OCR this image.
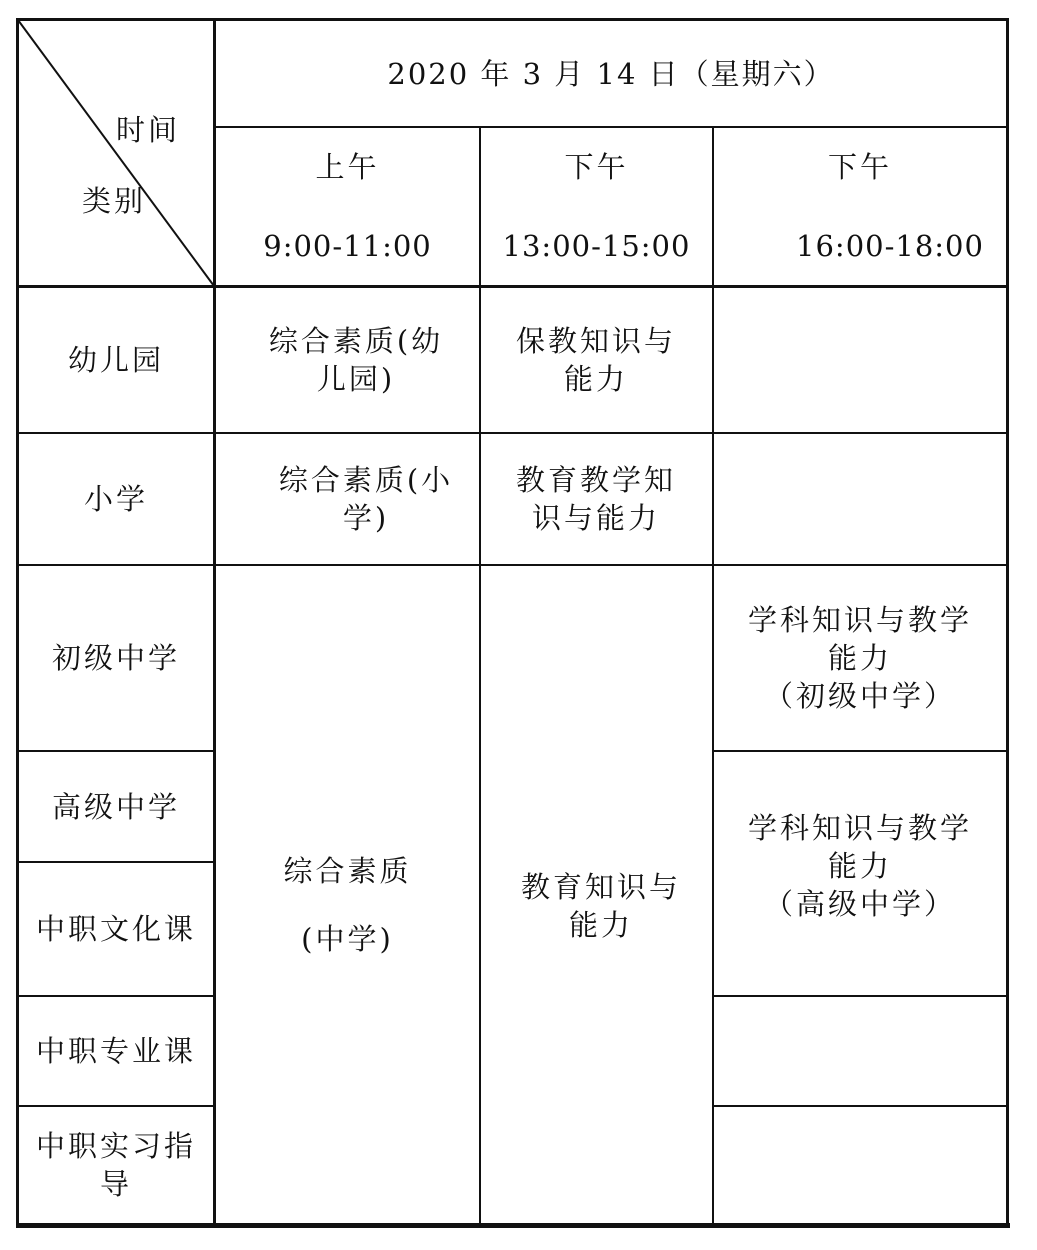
时间
类别
2020 年 3 月 14 日（星期六）
上午
9:00-11:00
下午
13:00-15:00
下午
16:00-18:00
幼儿园
小学
初级中学
高级中学
中职文化课
中职专业课
中职实习指导
综合素质(幼儿园)
保教知识与能力
综合素质(小学)
教育教学知识与能力
综合素质
(中学)
教育知识与能力
学科知识与教学
能力
（初级中学）
学科知识与教学
能力
（高级中学）
